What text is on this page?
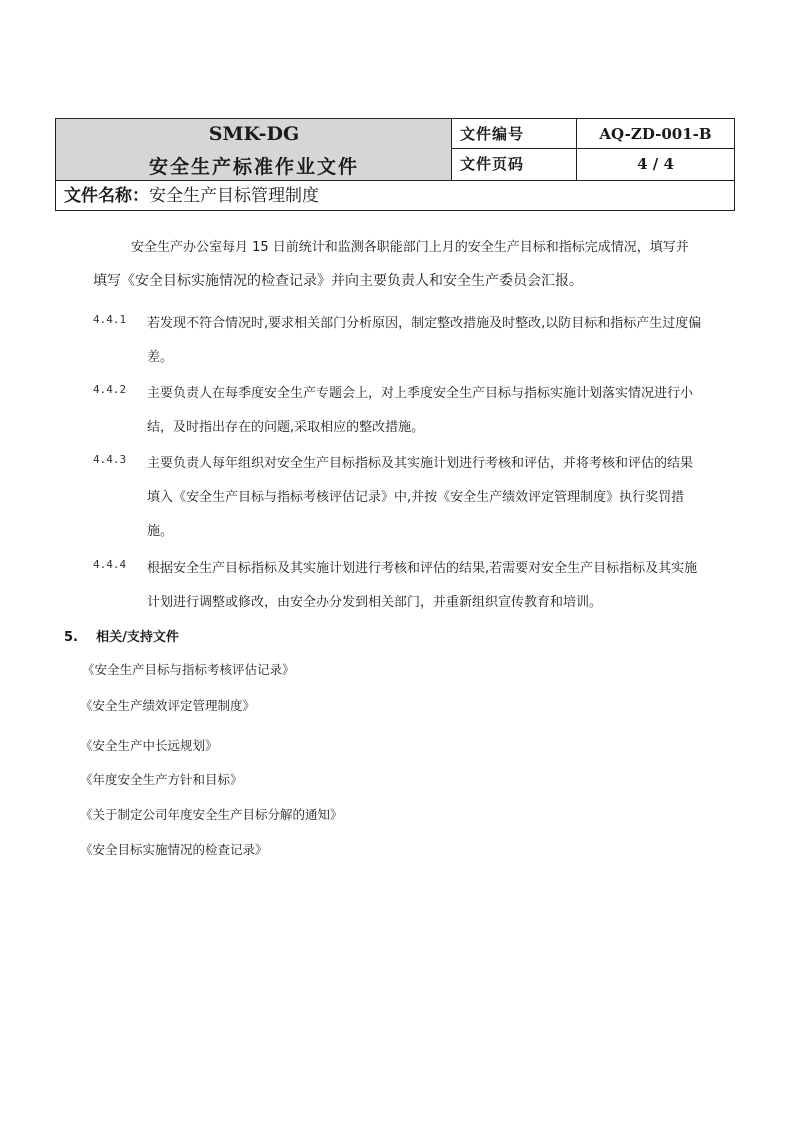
SMK-DG
安全生产标准作业文件
文件编号	AQ-ZD-001-B
文件页码	4 / 4
文件名称：安全生产目标管理制度
安全生产办公室每月 15 日前统计和监测各职能部门上月的安全生产目标和指标完成情况，填写并
填写《安全目标实施情况的检查记录》并向主要负责人和安全生产委员会汇报。
4.4.1 若发现不符合情况时,要求相关部门分析原因，制定整改措施及时整改,以防目标和指标产生过度偏
差。
4.4.2 主要负责人在每季度安全生产专题会上，对上季度安全生产目标与指标实施计划落实情况进行小
结，及时指出存在的问题,采取相应的整改措施。
4.4.3 主要负责人每年组织对安全生产目标指标及其实施计划进行考核和评估，并将考核和评估的结果
填入《安全生产目标与指标考核评估记录》中,并按《安全生产绩效评定管理制度》执行奖罚措
施。
4.4.4 根据安全生产目标指标及其实施计划进行考核和评估的结果,若需要对安全生产目标指标及其实施
计划进行调整或修改，由安全办分发到相关部门，并重新组织宣传教育和培训。
5. 相关/支持文件
《安全生产目标与指标考核评估记录》
《安全生产绩效评定管理制度》
《安全生产中长远规划》
《年度安全生产方针和目标》
《关于制定公司年度安全生产目标分解的通知》
《安全目标实施情况的检查记录》
